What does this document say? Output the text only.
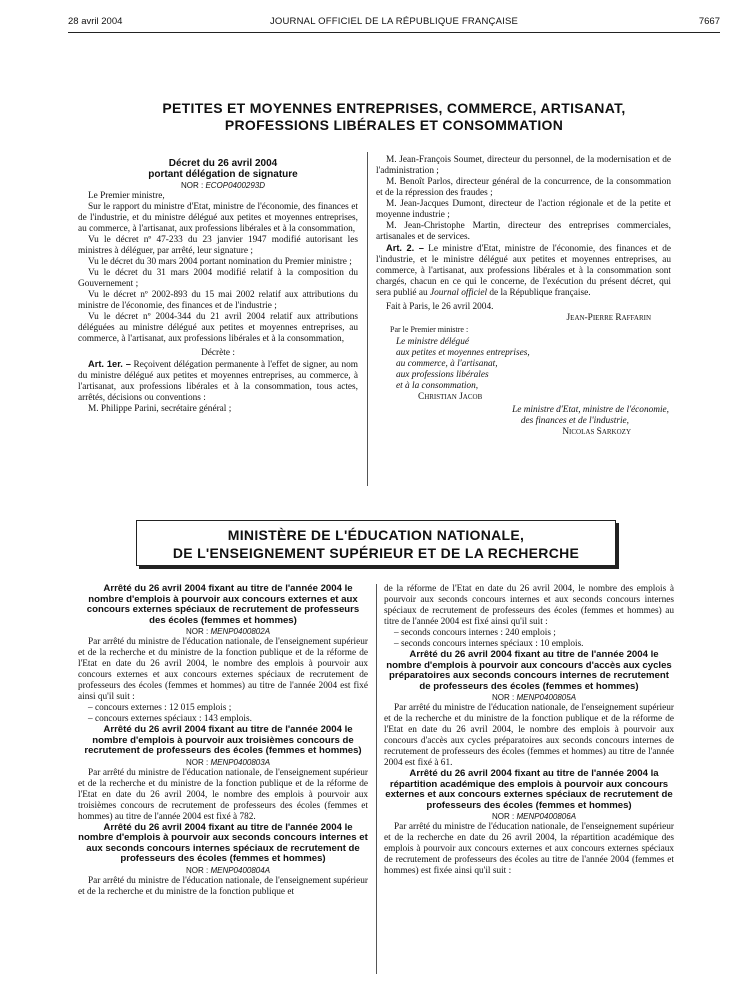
28 avril 2004	JOURNAL OFFICIEL DE LA RÉPUBLIQUE FRANÇAISE	7667
PETITES ET MOYENNES ENTREPRISES, COMMERCE, ARTISANAT,
PROFESSIONS LIBÉRALES ET CONSOMMATION

Décret du 26 avril 2004

portant délégation de signature

NOR : ECOP0400293D

Le Premier ministre,

Sur le rapport du ministre d'Etat, ministre de l'économie, des finances et de l'industrie, et du ministre délégué aux petites et moyennes entreprises, au commerce, à l'artisanat, aux professions libérales et à la consommation,

Vu le décret nº 47-233 du 23 janvier 1947 modifié autorisant les ministres à déléguer, par arrêté, leur signature ;

Vu le décret du 30 mars 2004 portant nomination du Premier ministre ;

Vu le décret du 31 mars 2004 modifié relatif à la composition du Gouvernement ;

Vu le décret nº 2002-893 du 15 mai 2002 relatif aux attributions du ministre de l'économie, des finances et de l'industrie ;

Vu le décret nº 2004-344 du 21 avril 2004 relatif aux attributions déléguées au ministre délégué aux petites et moyennes entreprises, au commerce, à l'artisanat, aux professions libérales et à la consommation,

Décrète :

Art. 1er. – Reçoivent délégation permanente à l'effet de signer, au nom du ministre délégué aux petites et moyennes entreprises, au commerce, à l'artisanat, aux professions libérales et à la consommation, tous actes, arrêtés, décisions ou conventions :

M. Philippe Parini, secrétaire général ;

M. Jean-François Soumet, directeur du personnel, de la modernisation et de l'administration ;

M. Benoît Parlos, directeur général de la concurrence, de la consommation et de la répression des fraudes ;

M. Jean-Jacques Dumont, directeur de l'action régionale et de la petite et moyenne industrie ;

M. Jean-Christophe Martin, directeur des entreprises commerciales, artisanales et de services.

Art. 2. – Le ministre d'Etat, ministre de l'économie, des finances et de l'industrie, et le ministre délégué aux petites et moyennes entreprises, au commerce, à l'artisanat, aux professions libérales et à la consommation sont chargés, chacun en ce qui le concerne, de l'exécution du présent décret, qui sera publié au Journal officiel de la République française.

Fait à Paris, le 26 avril 2004.

Jean-Pierre Raffarin

Par le Premier ministre :

Le ministre délégué
aux petites et moyennes entreprises,
au commerce, à l'artisanat,
aux professions libérales
et à la consommation,

Christian Jacob

Le ministre d'Etat, ministre de l'économie,
des finances et de l'industrie,

Nicolas Sarkozy

MINISTÈRE DE L'ÉDUCATION NATIONALE,
DE L'ENSEIGNEMENT SUPÉRIEUR ET DE LA RECHERCHE

Arrêté du 26 avril 2004 fixant au titre de l'année 2004 le nombre d'emplois à pourvoir aux concours externes et aux concours externes spéciaux de recrutement de professeurs des écoles (femmes et hommes)

NOR : MENP0400802A

Par arrêté du ministre de l'éducation nationale, de l'enseignement supérieur et de la recherche et du ministre de la fonction publique et de la réforme de l'Etat en date du 26 avril 2004, le nombre des emplois à pourvoir aux concours externes et aux concours externes spéciaux de recrutement de professeurs des écoles (femmes et hommes) au titre de l'année 2004 est fixé ainsi qu'il suit :

– concours externes : 12 015 emplois ;

– concours externes spéciaux : 143 emplois.

Arrêté du 26 avril 2004 fixant au titre de l'année 2004 le nombre d'emplois à pourvoir aux troisièmes concours de recrutement de professeurs des écoles (femmes et hommes)

NOR : MENP0400803A

Par arrêté du ministre de l'éducation nationale, de l'enseignement supérieur et de la recherche et du ministre de la fonction publique et de la réforme de l'Etat en date du 26 avril 2004, le nombre des emplois à pourvoir aux troisièmes concours de recrutement de professeurs des écoles (femmes et hommes) au titre de l'année 2004 est fixé à 782.

Arrêté du 26 avril 2004 fixant au titre de l'année 2004 le nombre d'emplois à pourvoir aux seconds concours internes et aux seconds concours internes spéciaux de recrutement de professeurs des écoles (femmes et hommes)

NOR : MENP0400804A

Par arrêté du ministre de l'éducation nationale, de l'enseignement supérieur et de la recherche et du ministre de la fonction publique et

de la réforme de l'Etat en date du 26 avril 2004, le nombre des emplois à pourvoir aux seconds concours internes et aux seconds concours internes spéciaux de recrutement de professeurs des écoles (femmes et hommes) au titre de l'année 2004 est fixé ainsi qu'il suit :

– seconds concours internes : 240 emplois ;

– seconds concours internes spéciaux : 10 emplois.

Arrêté du 26 avril 2004 fixant au titre de l'année 2004 le nombre d'emplois à pourvoir aux concours d'accès aux cycles préparatoires aux seconds concours internes de recrutement de professeurs des écoles (femmes et hommes)

NOR : MENP0400805A

Par arrêté du ministre de l'éducation nationale, de l'enseignement supérieur et de la recherche et du ministre de la fonction publique et de la réforme de l'Etat en date du 26 avril 2004, le nombre des emplois à pourvoir aux concours d'accès aux cycles préparatoires aux seconds concours internes de recrutement de professeurs des écoles (femmes et hommes) au titre de l'année 2004 est fixé à 61.

Arrêté du 26 avril 2004 fixant au titre de l'année 2004 la répartition académique des emplois à pourvoir aux concours externes et aux concours externes spéciaux de recrutement de professeurs des écoles (femmes et hommes)

NOR : MENP0400806A

Par arrêté du ministre de l'éducation nationale, de l'enseignement supérieur et de la recherche en date du 26 avril 2004, la répartition académique des emplois à pourvoir aux concours externes et aux concours externes spéciaux de recrutement de professeurs des écoles au titre de l'année 2004 (femmes et hommes) est fixée ainsi qu'il suit :
